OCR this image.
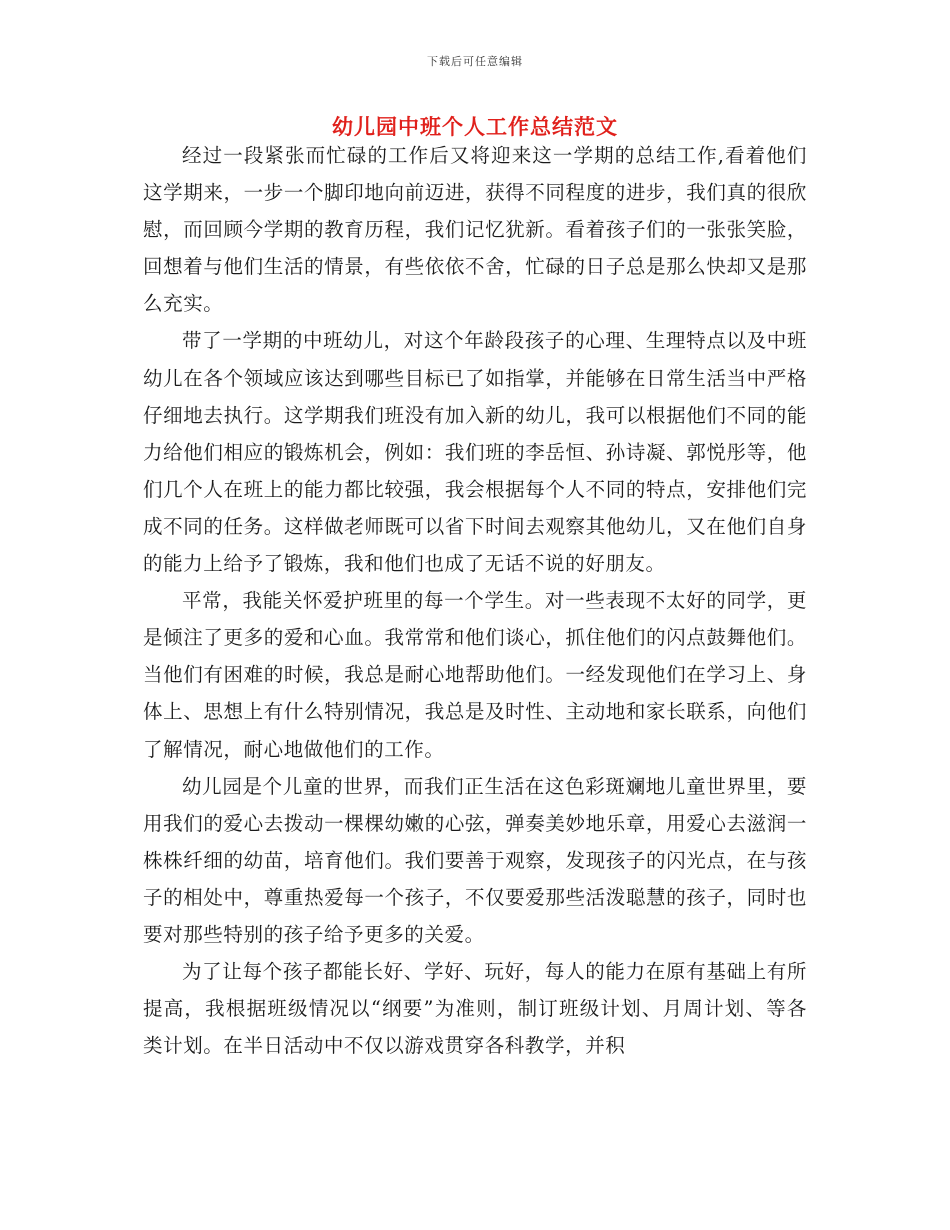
下载后可任意编辑
幼儿园中班个人工作总结范文

经过一段紧张而忙碌的工作后又将迎来这一学期的总结工作,看着他们这学期来，一步一个脚印地向前迈进，获得不同程度的进步，我们真的很欣慰，而回顾今学期的教育历程，我们记忆犹新。看着孩子们的一张张笑脸，回想着与他们生活的情景，有些依依不舍，忙碌的日子总是那么快却又是那么充实。

带了一学期的中班幼儿，对这个年龄段孩子的心理、生理特点以及中班幼儿在各个领域应该达到哪些目标已了如指掌，并能够在日常生活当中严格仔细地去执行。这学期我们班没有加入新的幼儿，我可以根据他们不同的能力给他们相应的锻炼机会，例如：我们班的李岳恒、孙诗凝、郭悦彤等，他们几个人在班上的能力都比较强，我会根据每个人不同的特点，安排他们完成不同的任务。这样做老师既可以省下时间去观察其他幼儿，又在他们自身的能力上给予了锻炼，我和他们也成了无话不说的好朋友。

平常，我能关怀爱护班里的每一个学生。对一些表现不太好的同学，更是倾注了更多的爱和心血。我常常和他们谈心，抓住他们的闪点鼓舞他们。当他们有困难的时候，我总是耐心地帮助他们。一经发现他们在学习上、身体上、思想上有什么特别情况，我总是及时性、主动地和家长联系，向他们了解情况，耐心地做他们的工作。

幼儿园是个儿童的世界，而我们正生活在这色彩斑斓地儿童世界里，要用我们的爱心去拨动一棵棵幼嫩的心弦，弹奏美妙地乐章，用爱心去滋润一株株纤细的幼苗，培育他们。我们要善于观察，发现孩子的闪光点，在与孩子的相处中，尊重热爱每一个孩子，不仅要爱那些活泼聪慧的孩子，同时也要对那些特别的孩子给予更多的关爱。

为了让每个孩子都能长好、学好、玩好，每人的能力在原有基础上有所提高，我根据班级情况以“纲要”为准则，制订班级计划、月周计划、等各类计划。在半日活动中不仅以游戏贯穿各科教学，并积
